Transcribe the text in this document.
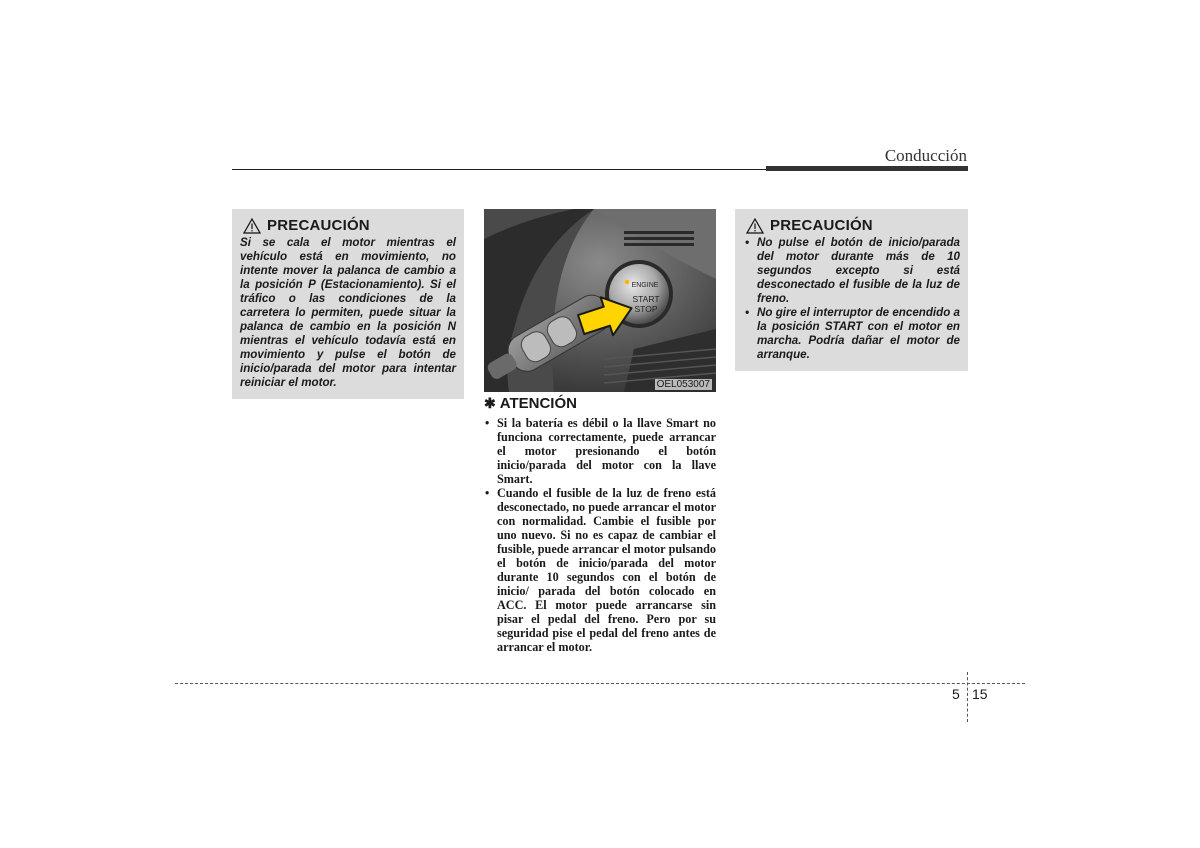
Conducción
PRECAUCIÓN
Si se cala el motor mientras el vehículo está en movimiento, no intente mover la palanca de cambio a la posición P (Estacionamiento). Si el tráfico o las condiciones de la carretera lo permiten, puede situar la palanca de cambio en la posición N mientras el vehículo todavía está en movimiento y pulse el botón de inicio/parada del motor para intentar reiniciar el motor.
ENGINE
START
STOP
OEL053007
✱ ATENCIÓN
• Si la batería es débil o la llave Smart no funciona correctamente, puede arrancar el motor presionando el botón inicio/parada del motor con la llave Smart.
• Cuando el fusible de la luz de freno está desconectado, no puede arrancar el motor con normalidad. Cambie el fusible por uno nuevo. Si no es capaz de cambiar el fusible, puede arrancar el motor pulsando el botón de inicio/parada del motor durante 10 segundos con el botón de inicio/ parada del botón colocado en ACC. El motor puede arrancarse sin pisar el pedal del freno. Pero por su seguridad pise el pedal del freno antes de arrancar el motor.
PRECAUCIÓN
• No pulse el botón de inicio/parada del motor durante más de 10 segundos excepto si está desconectado el fusible de la luz de freno.
• No gire el interruptor de encendido a la posición START con el motor en marcha. Podría dañar el motor de arranque.
5 15
